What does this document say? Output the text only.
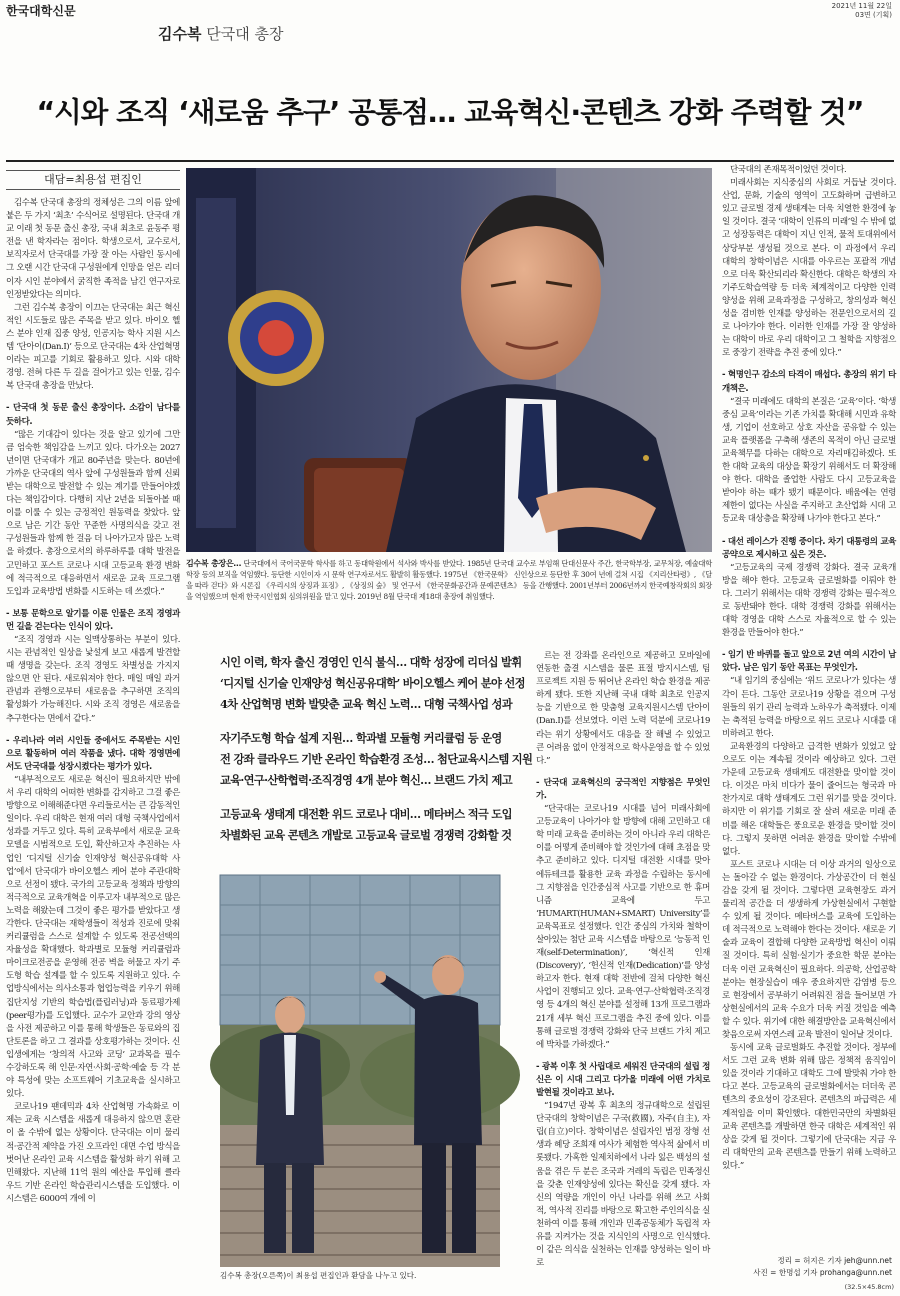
한국대학신문	2021년 11월 22일
03면 (기획)
김수복 단국대 총장
“시와 조직 ‘새로움 추구’ 공통점… 교육혁신·콘텐츠 강화 주력할 것”
대담=최용섭 편집인

김수복 단국대 총장의 정체성은 그의 이름 앞에 붙은 두 가지 ‘최초’ 수식어로 설명된다. 단국대 개교 이래 첫 동문 출신 총장, 국내 최초로 윤동주 평전을 낸 학자라는 점이다. 학생으로서, 교수로서, 보직자로서 단국대를 가장 잘 아는 사람인 동시에 그 오랜 시간 단국대 구성원에게 인망을 얻은 리더이자 시인 분야에서 굵직한 족적을 남긴 연구자로 인정받았다는 의미다.

그런 김수복 총장이 이끄는 단국대는 최근 혁신적인 시도들로 많은 주목을 받고 있다. 바이오 헬스 분야 인재 집중 양성, 인공지능 학사 지원 시스템 ‘단아이(Dan.I)’ 등으로 단국대는 4차 산업혁명이라는 피고를 기회로 활용하고 있다. 시와 대학 경영. 전혀 다른 두 길을 걸어가고 있는 인물, 김수복 단국대 총장을 만났다.

- 단국대 첫 동문 출신 총장이다. 소감이 남다를 듯하다.

“많은 기대감이 있다는 것을 알고 있기에 그만큼 엄숙한 책임감을 느끼고 있다. 다가오는 2027년이면 단국대가 개교 80주년을 맞는다. 80년에 가까운 단국대의 역사 앞에 구성원들과 함께 신뢰받는 대학으로 발전할 수 있는 계기를 만들어야겠다는 책임감이다. 다행히 지난 2년을 되돌아볼 때 이를 이룰 수 있는 긍정적인 원동력을 찾았다. 앞으로 남은 기간 동안 꾸준한 사명의식을 갖고 전 구성원들과 함께 한 걸음 더 나아가고자 많은 노력을 하겠다. 총장으로서의 하루하루를 대학 발전을 고민하고 포스트 코로나 시대 고등교육 환경 변화에 적극적으로 대응하면서 새로운 교육 프로그램 도입과 교육방법 변화를 시도하는 데 쓰겠다.”

- 보통 문학으로 알기를 이룬 인물은 조직 경영과 먼 길을 걷는다는 인식이 있다.

“조직 경영과 시는 일맥상통하는 부분이 있다. 시는 관념적인 일상을 낯설게 보고 새롭게 발견할 때 생명을 갖는다. 조직 경영도 차별성을 가지지 않으면 안 된다. 새로워져야 한다. 매일 매일 과거 관념과 관행으로부터 새로움을 추구하면 조직의 활성화가 가능해진다. 시와 조직 경영은 새로움을 추구한다는 면에서 같다.”

- 우리나라 여러 시인들 중에서도 주목받는 시인으로 활동하며 여러 작품을 냈다. 대학 경영면에서도 단국대를 성장시켰다는 평가가 있다.

“내부적으로도 새로운 혁신이 필요하지만 밖에서 우리 대학의 어떠한 변화를 감지하고 그걸 좋은 방향으로 이해해준다면 우리들로서는 큰 감동적인 일이다. 우리 대학은 현재 여러 대형 국책사업에서 성과를 거두고 있다. 특히 교육부에서 새로운 교육 모델을 시범적으로 도입, 확산하고자 추진하는 사업인 ‘디지털 신기술 인재양성 혁신공유대학 사업’에서 단국대가 바이오헬스 케어 분야 주관대학으로 선정이 됐다. 국가의 고등교육 정책과 방향의 적극적으로 교육개혁을 이루고자 내부적으로 많은 노력을 해왔는데 그것이 좋은 평가를 받았다고 생각한다. 단국대는 재학생들이 적성과 진로에 맞춰 커리큘럼을 스스로 설계할 수 있도록 전공선택의 자율성을 확대했다. 학과별로 모듈형 커리큘럼과 마이크로전공을 운영해 전공 벽을 허물고 자기 주도형 학습 설계를 할 수 있도록 지원하고 있다. 수업방식에서는 의사소통과 협업능력을 키우기 위해 집단지성 기반의 학습법(플립러닝)과 동료평가제(peer평가)를 도입했다. 교수가 교안과 강의 영상을 사전 제공하고 이를 통해 학생들은 동료와의 집단토론을 하고 그 결과를 상호평가하는 것이다. 신입생에게는 ‘창의적 사고와 코딩’ 교과목을 필수 수강하도록 해 인문·자연·사회·공학·예술 등 각 분야 특성에 맞는 소프트웨어 기초교육을 실시하고 있다.

코로나19 팬데믹과 4차 산업혁명 가속화로 이제는 교육 시스템을 새롭게 대응하지 않으면 혼란이 올 수밖에 없는 상황이다. 단국대는 이미 물리적·공간적 제약을 가진 오프라인 대면 수업 방식을 벗어난 온라인 교육 시스템을 활성화 하기 위해 고민해왔다. 지난해 11억 원의 예산을 투입해 클라우드 기반 온라인 학습관리시스템을 도입했다. 이 시스템은 6000여 개에 이

김수복 총장은… 단국대에서 국어국문학 학사를 하고 동대학원에서 석사와 박사를 받았다. 1985년 단국대 교수로 부임해 단대신문사 주간, 한국학부장, 교무처장, 예술대학 학장 등의 보직을 역임했다. 등단한 시인이자 시 문학 연구자로서도 활발히 활동했다. 1975년 《한국문학》 신인상으로 등단한 후 30여 년에 걸쳐 시집 《지리산타령》, 《달을 따라 걷다》와 시론집 《우리시의 상징과 표징》, 《상징의 숲》 및 연구서 《한국문화공간과 문예콘텐츠》 등을 간행했다. 2001년부터 2006년까지 한국예창작회의 회장을 역임했으며 현재 한국시인협회 심의위원을 맡고 있다. 2019년 8월 단국대 제18대 총장에 취임했다.
시인 이력, 학자 출신 경영인 인식 불식… 대학 성장에 리더십 발휘
‘디지털 신기술 인재양성 혁신공유대학’ 바이오헬스 케어 분야 선정
4차 산업혁명 변화 발맞춘 교육 혁신 노력… 대형 국책사업 성과
자기주도형 학습 설계 지원… 학과별 모듈형 커리큘럼 등 운영
전 강좌 클라우드 기반 온라인 학습환경 조성… 첨단교육시스템 지원
교육·연구·산학협력·조직경영 4개 분야 혁신… 브랜드 가치 제고
고등교육 생태계 대전환 위드 코로나 대비… 메타버스 적극 도입
차별화된 교육 콘텐츠 개발로 고등교육 글로벌 경쟁력 강화할 것

르는 전 강좌를 온라인으로 제공하고 모바일에 연동한 출결 시스템을 물론 표절 방지시스템, 팀 프로젝트 지원 등 뛰어난 온라인 학습 환경을 제공하게 됐다. 또한 지난해 국내 대학 최초로 인공지능을 기반으로 한 맞춤형 교육지원시스템 단아이(Dan.I)를 선보였다. 이런 노력 덕분에 코로나19라는 위기 상황에서도 대응을 잘 해낼 수 있었고 큰 어려움 없이 안정적으로 학사운영을 할 수 있었다.”

- 단국대 교육혁신의 궁극적인 지향점은 무엇인가.

“단국대는 코로나19 시대를 넘어 미래사회에 고등교육이 나아가야 할 방향에 대해 고민하고 대학 미래 교육을 준비하는 것이 아니라 우리 대학은 이를 어떻게 준비해야 할 것인가에 대해 초점을 맞추고 준비하고 있다. 디지털 대전환 시대를 맞아 에듀테크를 활용한 교육 과정을 수립하는 동시에 그 지향점을 인간중심적 사고를 기반으로 한 휴머니즘 교육에 두고 ‘HUMART(HUMAN+SMART) University’를 교육목표로 설정했다. 인간 중심의 가치와 철학이 살아있는 첨단 교육 시스템을 바탕으로 ‘능동적 인재(self-Determination)’, ‘혁신적 인재(Discovery)’, ‘헌신적 인재(Dedication)’를 양성하고자 한다. 현재 대학 전반에 걸쳐 다양한 혁신사업이 진행되고 있다. 교육·연구·산학협력·조직경영 등 4개의 혁신 분야를 설정해 13개 프로그램과 21개 세부 혁신 프로그램을 추진 중에 있다. 이를 통해 글로벌 경쟁력 강화와 단국 브랜드 가치 제고에 박차를 가하겠다.”

- 광복 이후 첫 사립대로 세워진 단국대의 설립 정신은 이 시대 그리고 다가올 미래에 어떤 가치로 발현될 것이라고 보나.

“1947년 광복 후 최초의 정규대학으로 설립된 단국대의 창학이념은 구국(救國), 자주(自主), 자립(自立)이다. 창학이념은 설립자인 범정 장형 선생과 혜당 조희재 여사가 체험한 역사적 삶에서 비롯됐다. 가혹한 일제치하에서 나라 잃은 백성의 설움을 겪은 두 분은 조국과 겨레의 독립은 민족정신을 갖춘 인재양성에 있다는 확신을 갖게 됐다. 자신의 역량을 개인이 아닌 나라를 위해 쓰고 사회적, 역사적 진리를 바탕으로 확고한 주인의식을 실천하여 이를 통해 개인과 민족공동체가 독립적 자유를 지켜가는 것을 지식인의 사명으로 인식했다. 이 같은 의식을 실천하는 인재를 양성하는 일이 바로

김수복 총장(오른쪽)이 최용섭 편집인과 환담을 나누고 있다.

단국대의 존재목적이었던 것이다.

미래사회는 지식중심의 사회로 거듭날 것이다. 산업, 문화, 기술의 영역이 고도화하며 급변하고 있고 글로벌 경제 생태계는 더욱 치열한 환경에 놓일 것이다. 결국 ‘대학이 인류의 미래’일 수 밖에 없고 성장동력은 대학이 지닌 인적, 물적 토대위에서 상당부분 생성될 것으로 본다. 이 과정에서 우리 대학의 창학이념은 시대를 아우르는 포괄적 개념으로 더욱 확산되리라 확신한다. 대학은 학생의 자기주도학습역량 등 더욱 체계적이고 다양한 인력양성을 위해 교육과정을 구성하고, 창의성과 혁신성을 겸비한 인재를 양성하는 전문인으로서의 길로 나아가야 한다. 이러한 인재를 가장 잘 양성하는 대학이 바로 우리 대학이고 그 철학을 지향점으로 중장기 전략을 추진 중에 있다.”

- 혁명인구 감소의 타격이 매섭다. 총장의 위기 타개책은.

“결국 미래에도 대학의 본질은 ‘교육’이다. ‘학생중심 교육’이라는 기존 가치를 확대해 시민과 유학생, 기업이 선호하고 상호 자산을 공유할 수 있는 교육 플랫폼을 구축해 생존의 목적이 아닌 글로벌 교육책무를 다하는 대학으로 자리매김하겠다. 또한 대학 교육의 대상을 확장기 위해서도 더 확장해야 한다. 대학을 졸업한 사람도 다시 고등교육을 받아야 하는 때가 됐기 때문이다. 배움에는 연령 제한이 없다는 사실을 주지하고 초산업화 시대 고등교육 대상층을 확장해 나가야 한다고 본다.”

- 대선 레이스가 진행 중이다. 차기 대통령의 교육 공약으로 제시하고 싶은 것은.

“고등교육의 국제 경쟁력 강화다. 결국 교육개방을 해야 한다. 고등교육 글로벌화를 이뤄야 한다. 그러기 위해서는 대학 경쟁력 강화는 필수적으로 동반돼야 한다. 대학 경쟁력 강화를 위해서는 대학 경영을 대학 스스로 자율적으로 할 수 있는 환경을 만들어야 한다.”

- 임기 반 바퀴를 돌고 앞으로 2년 여의 시간이 남았다. 남은 임기 동안 목표는 무엇인가.

“내 임기의 중심에는 ‘위드 코로나’가 있다는 생각이 든다. 그동안 코로나19 상황을 겪으며 구성원들의 위기 관리 능력과 노하우가 축적됐다. 이제는 축적된 능력을 바탕으로 위드 코로나 시대를 대비하려고 한다.

교육환경의 다양하고 급격한 변화가 있었고 앞으로도 이는 계속될 것이라 예상하고 있다. 그런 가운데 고등교육 생태계도 대전환을 맞이할 것이다. 이것은 마치 비다가 물이 줄어드는 형국과 마찬가지로 대학 생태계도 그런 위기를 맞을 것이다. 하지만 이 위기를 기회로 잘 살려 새로운 미래 준비를 해온 대학들은 풍요로운 환경을 맞이할 것이다. 그렇지 못하면 어려운 환경을 맞이할 수밖에 없다.

포스트 코로나 시대는 더 이상 과거의 일상으로는 돌아갈 수 없는 환경이다. 가상공간이 더 현실감을 갖게 될 것이다. 그렇다면 교육현장도 과거 물리적 공간을 더 생생하게 가상현실에서 구현할 수 있게 될 것이다. 메타버스를 교육에 도입하는 데 적극적으로 노력해야 한다는 것이다. 새로운 기술과 교육이 결합해 다양한 교육방법 혁신이 이뤄질 것이다. 특히 실험·실기가 중요한 학문 분야는 더욱 이런 교육혁신이 필요하다. 의공학, 산업공학 분야는 현장실습이 매우 중요하지만 감염병 등으로 현장에서 공부하기 어려워진 점을 들어보면 가상현실에서의 교육 수요가 더욱 커질 것임을 예측할 수 있다. 위기에 대한 해결방안을 교육혁신에서 찾음으로써 자연스레 교육 발전이 일어날 것이다.

동시에 교육 글로벌화도 추진할 것이다. 정부에서도 그런 교육 변화 위해 많은 정책적 움직임이 있을 것이라 기대하고 대학도 그에 발맞춰 가야 한다고 본다. 고등교육의 글로벌화에서는 더더욱 콘텐츠의 중요성이 강조된다. 콘텐츠의 파급력은 세계적임을 이미 확인했다. 대한민국만의 차별화된 교육 콘텐츠를 개발하면 한국 대학은 세계적인 위상을 갖게 될 것이다. 그렇기에 단국대는 지금 우리 대학만의 교육 콘텐츠를 만들기 위해 노력하고 있다.”

정리 = 허지은 기자 jeh@unn.net
사진 = 한명섭 기자 prohanga@unn.net
(32.5×45.8cm)
